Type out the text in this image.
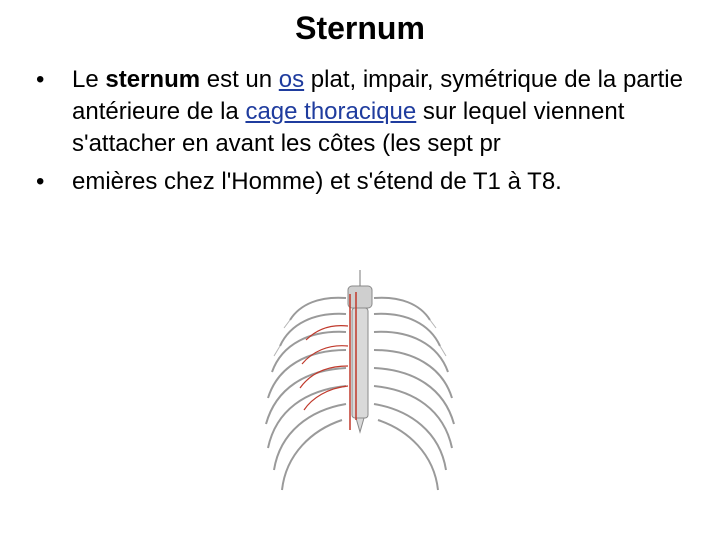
Sternum
• Le sternum est un os plat, impair, symétrique de la partie antérieure de la cage thoracique sur lequel viennent s'attacher en avant les côtes (les sept pr
• emières chez l'Homme) et s'étend de T1 à T8.
